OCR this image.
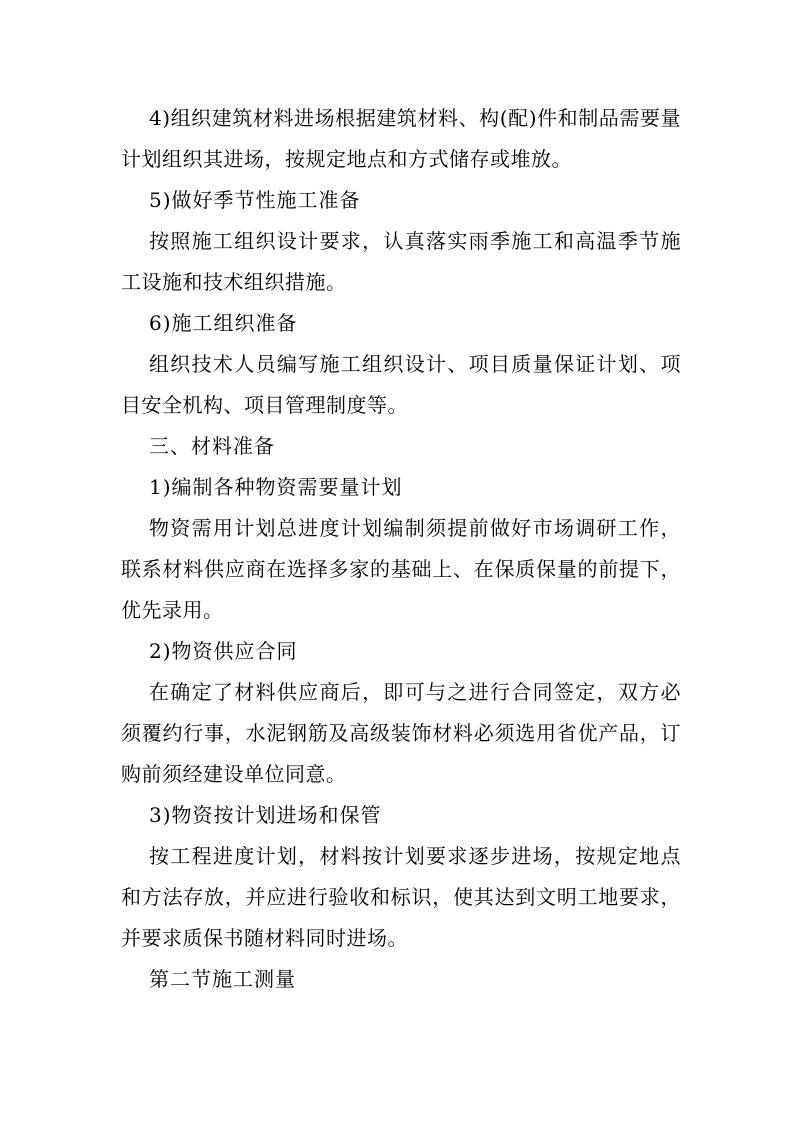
4)组织建筑材料进场根据建筑材料、构(配)件和制品需要量计划组织其进场，按规定地点和方式储存或堆放。

5)做好季节性施工准备

按照施工组织设计要求，认真落实雨季施工和高温季节施工设施和技术组织措施。

6)施工组织准备

组织技术人员编写施工组织设计、项目质量保证计划、项目安全机构、项目管理制度等。

三、材料准备

1)编制各种物资需要量计划

物资需用计划总进度计划编制须提前做好市场调研工作，联系材料供应商在选择多家的基础上、在保质保量的前提下，优先录用。

2)物资供应合同

在确定了材料供应商后，即可与之进行合同签定，双方必须覆约行事，水泥钢筋及高级装饰材料必须选用省优产品，订购前须经建设单位同意。

3)物资按计划进场和保管

按工程进度计划，材料按计划要求逐步进场，按规定地点和方法存放，并应进行验收和标识，使其达到文明工地要求，并要求质保书随材料同时进场。

第二节施工测量
